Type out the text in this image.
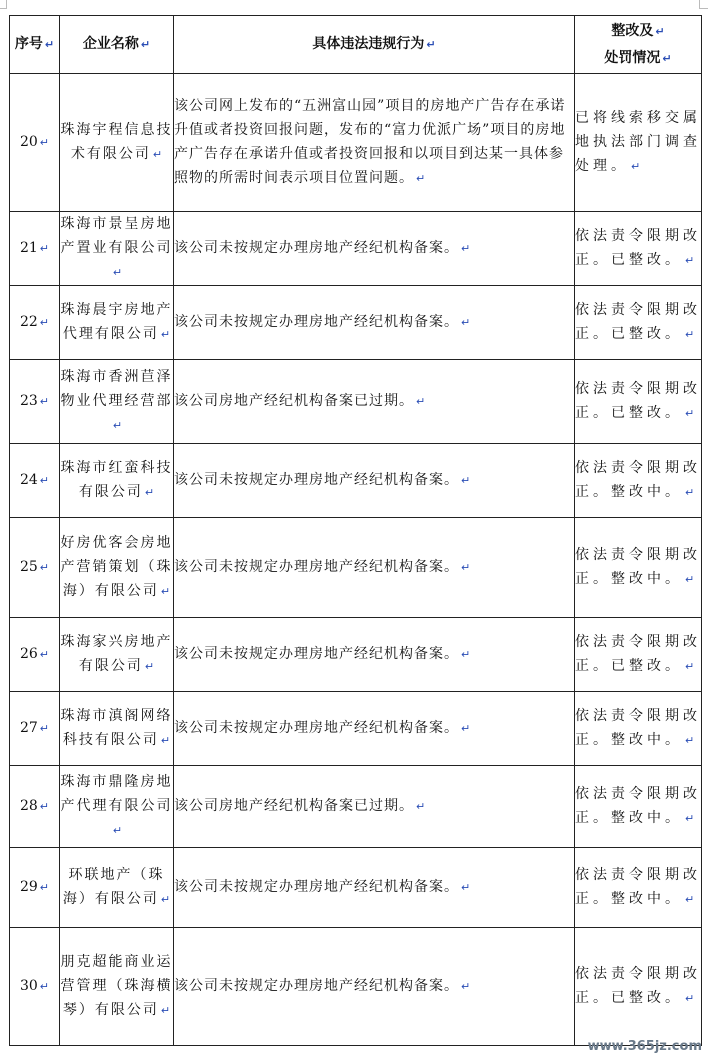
序号 ↵	企业名称 ↵	具体违法违规行为 ↵	整改及 ↵
处罚情况 ↵

20 ↵	珠海宇程信息技术有限公司 ↵	该公司网上发布的“五洲富山园”项目的房地产广告存在承诺升值或者投资回报问题，发布的“富力优派广场”项目的房地产广告存在承诺升值或者投资回报和以项目到达某一具体参照物的所需时间表示项目位置问题。 ↵	已将线索移交属地执法部门调查处理。 ↵
21 ↵	珠海市景呈房地产置业有限公司↵	该公司未按规定办理房地产经纪机构备案。 ↵	依法责令限期改正。已整改。 ↵
22 ↵	珠海晨宇房地产代理有限公司 ↵	该公司未按规定办理房地产经纪机构备案。 ↵	依法责令限期改正。已整改。 ↵
23 ↵	珠海市香洲苣泽物业代理经营部↵	该公司房地产经纪机构备案已过期。 ↵	依法责令限期改正。已整改。 ↵
24 ↵	珠海市红蛮科技有限公司 ↵	该公司未按规定办理房地产经纪机构备案。 ↵	依法责令限期改正。整改中。 ↵
25 ↵	好房优客会房地产营销策划（珠海）有限公司 ↵	该公司未按规定办理房地产经纪机构备案。 ↵	依法责令限期改正。整改中。 ↵
26 ↵	珠海家兴房地产有限公司 ↵	该公司未按规定办理房地产经纪机构备案。 ↵	依法责令限期改正。已整改。 ↵
27 ↵	珠海市滇阁网络科技有限公司 ↵	该公司未按规定办理房地产经纪机构备案。 ↵	依法责令限期改正。整改中。 ↵
28 ↵	珠海市鼎隆房地产代理有限公司↵	该公司房地产经纪机构备案已过期。 ↵	依法责令限期改正。整改中。 ↵
29 ↵	环联地产（珠海）有限公司 ↵	该公司未按规定办理房地产经纪机构备案。 ↵	依法责令限期改正。整改中。 ↵
30 ↵	朋克超能商业运营管理（珠海横琴）有限公司 ↵	该公司未按规定办理房地产经纪机构备案。 ↵	依法责令限期改正。已整改。 ↵
www.365jz.com
